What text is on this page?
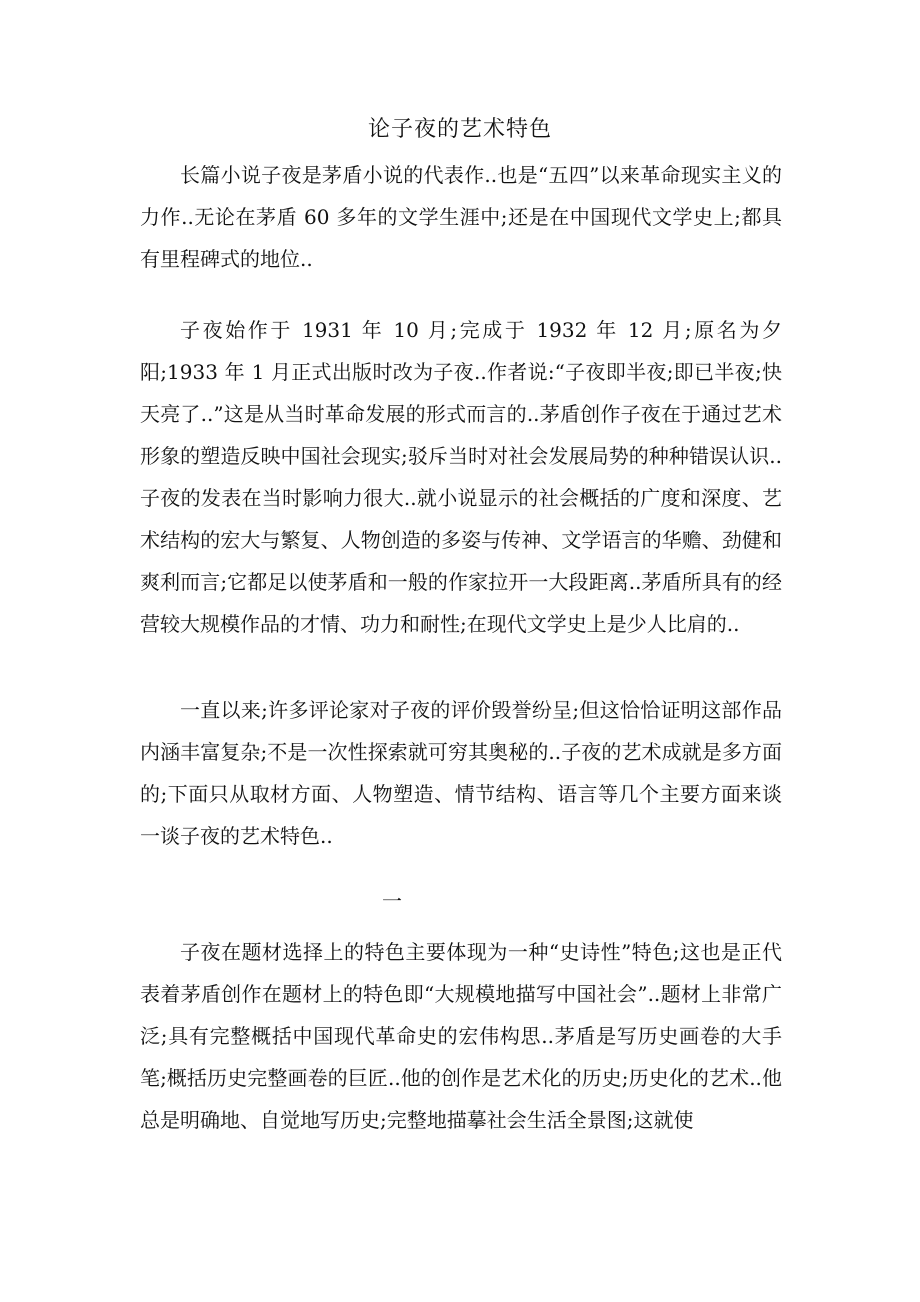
论子夜的艺术特色

长篇小说子夜是茅盾小说的代表作..也是“五四”以来革命现实主义的力作..无论在茅盾 60 多年的文学生涯中;还是在中国现代文学史上;都具有里程碑式的地位..

子夜始作于 1931 年 10 月;完成于 1932 年 12 月;原名为夕阳;1933 年 1 月正式出版时改为子夜..作者说:“子夜即半夜;即已半夜;快天亮了..”这是从当时革命发展的形式而言的..茅盾创作子夜在于通过艺术形象的塑造反映中国社会现实;驳斥当时对社会发展局势的种种错误认识..子夜的发表在当时影响力很大..就小说显示的社会概括的广度和深度、艺术结构的宏大与繁复、人物创造的多姿与传神、文学语言的华赡、劲健和爽利而言;它都足以使茅盾和一般的作家拉开一大段距离..茅盾所具有的经营较大规模作品的才情、功力和耐性;在现代文学史上是少人比肩的..

一直以来;许多评论家对子夜的评价毁誉纷呈;但这恰恰证明这部作品内涵丰富复杂;不是一次性探索就可穷其奥秘的..子夜的艺术成就是多方面的;下面只从取材方面、人物塑造、情节结构、语言等几个主要方面来谈一谈子夜的艺术特色..

一

子夜在题材选择上的特色主要体现为一种“史诗性”特色;这也是正代表着茅盾创作在题材上的特色即“大规模地描写中国社会”..题材上非常广泛;具有完整概括中国现代革命史的宏伟构思..茅盾是写历史画卷的大手笔;概括历史完整画卷的巨匠..他的创作是艺术化的历史;历史化的艺术..他总是明确地、自觉地写历史;完整地描摹社会生活全景图;这就使
